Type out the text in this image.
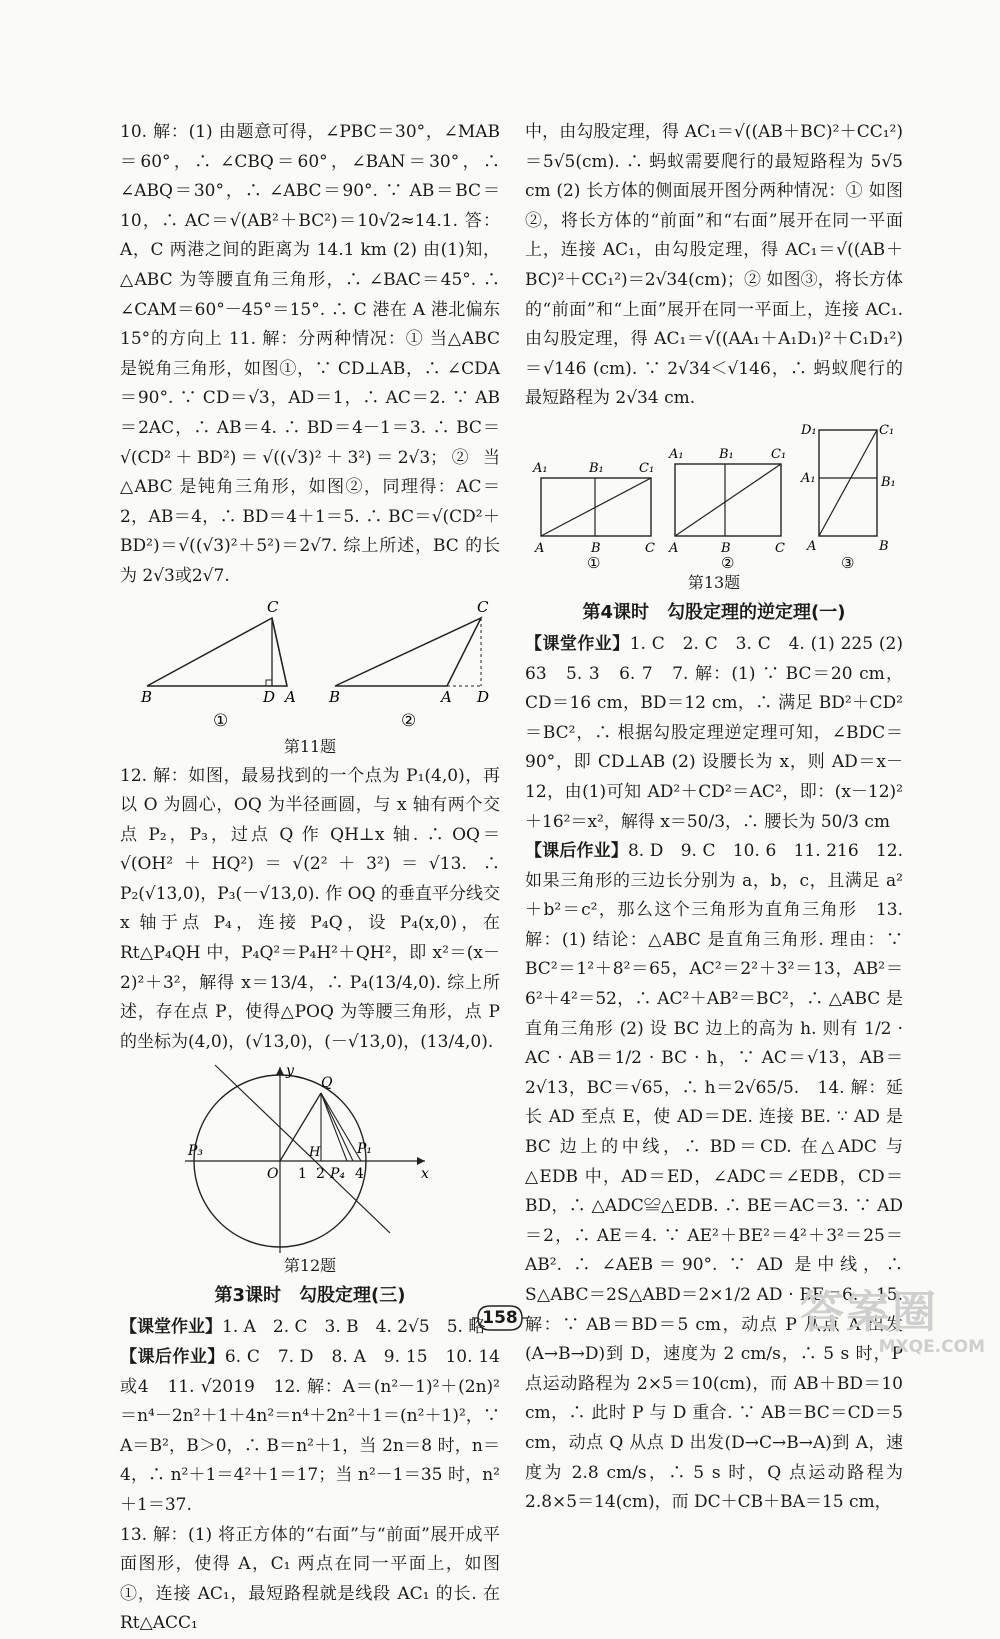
10. 解：(1) 由题意可得，∠PBC＝30°，∠MAB＝60°，∴ ∠CBQ＝60°，∠BAN＝30°，∴ ∠ABQ＝30°，∴ ∠ABC＝90°. ∵ AB＝BC＝10，∴ AC＝√(AB²＋BC²)＝10√2≈14.1. 答：A，C 两港之间的距离为 14.1 km (2) 由(1)知，△ABC 为等腰直角三角形，∴ ∠BAC＝45°. ∴ ∠CAM＝60°－45°＝15°. ∴ C 港在 A 港北偏东 15°的方向上 11. 解：分两种情况：① 当△ABC 是锐角三角形，如图①，∵ CD⊥AB，∴ ∠CDA＝90°. ∵ CD＝√3，AD＝1，∴ AC＝2. ∵ AB＝2AC，∴ AB＝4. ∴ BD＝4－1＝3. ∴ BC＝√(CD²＋BD²)＝√((√3)²＋3²)＝2√3；② 当△ABC 是钝角三角形，如图②，同理得：AC＝2，AB＝4，∴ BD＝4＋1＝5. ∴ BC＝√(CD²＋BD²)＝√((√3)²＋5²)＝2√7. 综上所述，BC 的长为 2√3或2√7.

C
B	D A
C
B	A D
①	②
第11题

12. 解：如图，最易找到的一个点为 P₁(4,0)，再以 O 为圆心，OQ 为半径画圆，与 x 轴有两个交点 P₂，P₃，过点 Q 作 QH⊥x 轴. ∴ OQ＝√(OH²＋HQ²)＝√(2²＋3²)＝√13. ∴ P₂(√13,0)，P₃(－√13,0). 作 OQ 的垂直平分线交 x 轴于点 P₄，连接 P₄Q，设 P₄(x,0)，在 Rt△P₄QH 中，P₄Q²＝P₄H²＋QH²，即 x²＝(x－2)²＋3²，解得 x＝13/4，∴ P₄(13/4,0). 综上所述，存在点 P，使得△POQ 为等腰三角形，点 P 的坐标为(4,0)，(√13,0)，(－√13,0)，(13/4,0).

y
Q
P₃
O
H
1 2 P₄ 4
P₁
x
第12题
第3课时　勾股定理(三)

【课堂作业】1. A　2. C　3. B　4. 2√5　5. 略

【课后作业】6. C　7. D　8. A　9. 15　10. 14 或4　11. √2019　12. 解：A＝(n²－1)²＋(2n)²＝n⁴－2n²＋1＋4n²＝n⁴＋2n²＋1＝(n²＋1)²，∵ A＝B²，B＞0，∴ B＝n²＋1，当 2n＝8 时，n＝4，∴ n²＋1＝4²＋1＝17；当 n²－1＝35 时，n²＋1＝37.

13. 解：(1) 将正方体的“右面”与“前面”展开成平面图形，使得 A，C₁ 两点在同一平面上，如图①，连接 AC₁，最短路程就是线段 AC₁ 的长. 在 Rt△ACC₁

中，由勾股定理，得 AC₁＝√((AB＋BC)²＋CC₁²)＝5√5(cm). ∴ 蚂蚁需要爬行的最短路程为 5√5 cm (2) 长方体的侧面展开图分两种情况：① 如图②，将长方体的“前面”和“右面”展开在同一平面上，连接 AC₁，由勾股定理，得 AC₁＝√((AB＋BC)²＋CC₁²)＝2√34(cm)；② 如图③，将长方体的“前面”和“上面”展开在同一平面上，连接 AC₁. 由勾股定理，得 AC₁＝√((AA₁＋A₁D₁)²＋C₁D₁²)＝√146 (cm). ∵ 2√34＜√146，∴ 蚂蚁爬行的最短路程为 2√34 cm.

A₁	B₁	C₁
A	B	C
①
A₁	B₁	C₁
A	B	C
②
D₁	C₁
A₁	B₁
A	B
③
第13题
第4课时　勾股定理的逆定理(一)

【课堂作业】1. C　2. C　3. C　4. (1) 225 (2) 63　5. 3　6. 7　7. 解：(1) ∵ BC＝20 cm，CD＝16 cm，BD＝12 cm，∴ 满足 BD²＋CD²＝BC²，∴ 根据勾股定理逆定理可知，∠BDC＝90°，即 CD⊥AB (2) 设腰长为 x，则 AD＝x－12，由(1)可知 AD²＋CD²＝AC²，即：(x－12)²＋16²＝x²，解得 x＝50/3，∴ 腰长为 50/3 cm

【课后作业】8. D　9. C　10. 6　11. 216　12. 如果三角形的三边长分别为 a，b，c，且满足 a²＋b²＝c²，那么这个三角形为直角三角形　13. 解：(1) 结论：△ABC 是直角三角形. 理由：∵ BC²＝1²＋8²＝65，AC²＝2²＋3²＝13，AB²＝6²＋4²＝52，∴ AC²＋AB²＝BC²，∴ △ABC 是直角三角形 (2) 设 BC 边上的高为 h. 则有 1/2 · AC · AB＝1/2 · BC · h，∵ AC＝√13，AB＝2√13，BC＝√65，∴ h＝2√65/5.　14. 解：延长 AD 至点 E，使 AD＝DE. 连接 BE. ∵ AD 是 BC 边上的中线，∴ BD＝CD. 在△ADC 与 △EDB 中，AD＝ED，∠ADC＝∠EDB，CD＝BD，∴ △ADC≌△EDB. ∴ BE＝AC＝3. ∵ AD＝2，∴ AE＝4. ∵ AE²＋BE²＝4²＋3²＝25＝AB². ∴ ∠AEB＝90°. ∵ AD 是中线，∴ S△ABC＝2S△ABD＝2×1/2 AD · BE＝6.　15. 解：∵ AB＝BD＝5 cm，动点 P 从点 A 出发(A→B→D)到 D，速度为 2 cm/s，∴ 5 s 时，P 点运动路程为 2×5＝10(cm)，而 AB＋BD＝10 cm，∴ 此时 P 与 D 重合. ∵ AB＝BC＝CD＝5 cm，动点 Q 从点 D 出发(D→C→B→A)到 A，速度为 2.8 cm/s，∴ 5 s 时，Q 点运动路程为 2.8×5＝14(cm)，而 DC＋CB＋BA＝15 cm，

158	答案圈
MXQE.COM
